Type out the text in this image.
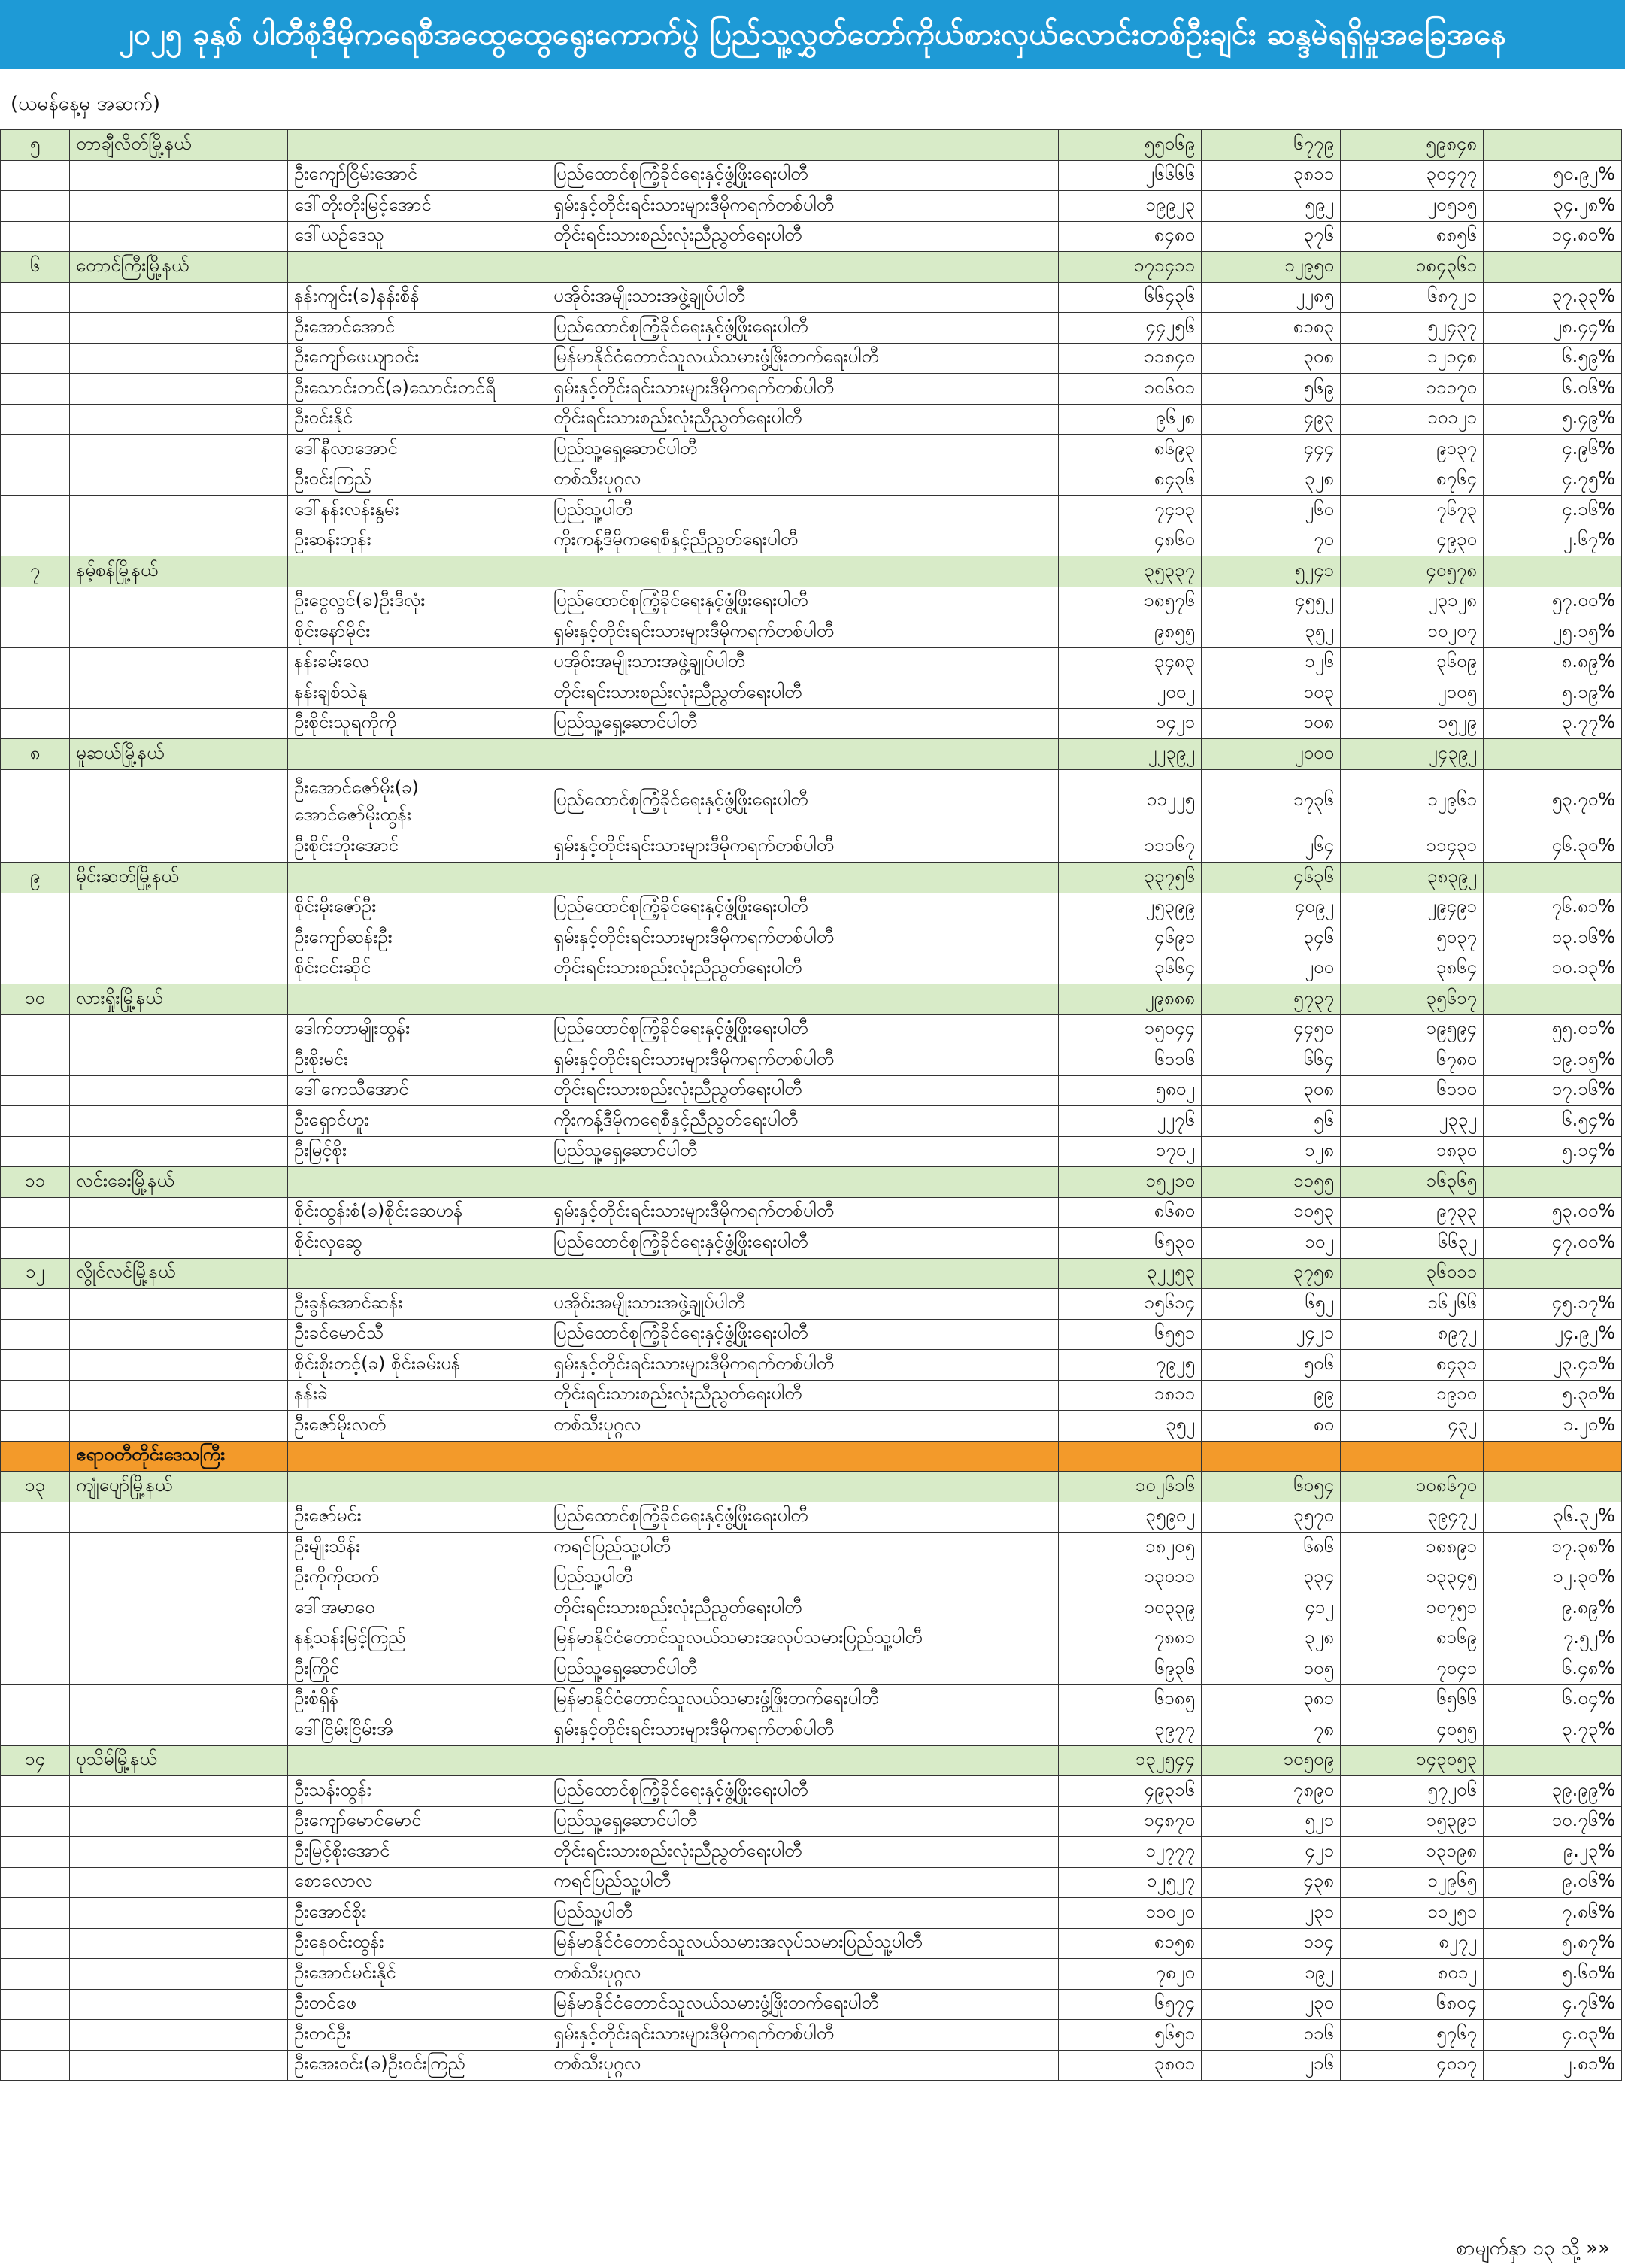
၂၀၂၅ ခုနှစ် ပါတီစုံဒီမိုကရေစီအထွေထွေရွေးကောက်ပွဲ ပြည်သူ့လွှတ်တော်ကိုယ်စားလှယ်လောင်းတစ်ဦးချင်း ဆန္ဒမဲရရှိမှုအခြေအနေ
(ယမန်နေ့မှ အဆက်)
၅	တာချီလိတ်မြို့နယ်			၅၅၀၆၉	၆၇၇၉	၅၉၈၄၈	
		ဦးကျော်ငြိမ်းအောင်	ပြည်ထောင်စုကြံ့ခိုင်ရေးနှင့်ဖွံ့ဖြိုးရေးပါတီ	၂၆၆၆၆	၃၈၁၁	၃၀၄၇၇	၅၀.၉၂%
		ဒေါ်တိုးတိုးမြင့်အောင်	ရှမ်းနှင့်တိုင်းရင်းသားများဒီမိုကရက်တစ်ပါတီ	၁၉၉၂၃	၅၉၂	၂၀၅၁၅	၃၄.၂၈%
		ဒေါ်ယဉ်ဒေသူ	တိုင်းရင်းသားစည်းလုံးညီညွတ်ရေးပါတီ	၈၄၈၀	၃၇၆	၈၈၅၆	၁၄.၈၀%
၆	တောင်ကြီးမြို့နယ်			၁၇၁၄၁၁	၁၂၉၅၀	၁၈၄၃၆၁	
		နန်းကျင်း(ခ)နန်းစိန်	ပအိုဝ်းအမျိုးသားအဖွဲ့ချုပ်ပါတီ	၆၆၄၃၆	၂၂၈၅	၆၈၇၂၁	၃၇.၃၃%
		ဦးအောင်အောင်	ပြည်ထောင်စုကြံ့ခိုင်ရေးနှင့်ဖွံ့ဖြိုးရေးပါတီ	၄၄၂၅၆	၈၁၈၃	၅၂၄၃၇	၂၈.၄၄%
		ဦးကျော်ဖေယျာဝင်း	မြန်မာနိုင်ငံတောင်သူလယ်သမားဖွံ့ဖြိုးတက်ရေးပါတီ	၁၁၈၄၀	၃၀၈	၁၂၁၄၈	၆.၅၉%
		ဦးသောင်းတင်(ခ)သောင်းတင်ရီ	ရှမ်းနှင့်တိုင်းရင်းသားများဒီမိုကရက်တစ်ပါတီ	၁၀၆၀၁	၅၆၉	၁၁၁၇၀	၆.၀၆%
		ဦးဝင်းနိုင်	တိုင်းရင်းသားစည်းလုံးညီညွတ်ရေးပါတီ	၉၆၂၈	၄၉၃	၁၀၁၂၁	၅.၄၉%
		ဒေါ်နီလာအောင်	ပြည်သူ့ရှေ့ဆောင်ပါတီ	၈၆၉၃	၄၄၄	၉၁၃၇	၄.၉၆%
		ဦးဝင်းကြည်	တစ်သီးပုဂ္ဂလ	၈၄၃၆	၃၂၈	၈၇၆၄	၄.၇၅%
		ဒေါ်နန်းလန်းနွမ်း	ပြည်သူ့ပါတီ	၇၄၁၃	၂၆၀	၇၆၇၃	၄.၁၆%
		ဦးဆန်းဘုန်း	ကိုးကန့်ဒီမိုကရေစီနှင့်ညီညွတ်ရေးပါတီ	၄၈၆၀	၇၀	၄၉၃၀	၂.၆၇%
၇	နမ့်စန်မြို့နယ်			၃၅၃၃၇	၅၂၄၁	၄၀၅၇၈	
		ဦးငွေလွင်(ခ)ဦးဒီလုံး	ပြည်ထောင်စုကြံ့ခိုင်ရေးနှင့်ဖွံ့ဖြိုးရေးပါတီ	၁၈၅၇၆	၄၅၅၂	၂၃၁၂၈	၅၇.၀၀%
		စိုင်းနော်မိုင်း	ရှမ်းနှင့်တိုင်းရင်းသားများဒီမိုကရက်တစ်ပါတီ	၉၈၅၅	၃၅၂	၁၀၂၀၇	၂၅.၁၅%
		နန်းခမ်းလေ	ပအိုဝ်းအမျိုးသားအဖွဲ့ချုပ်ပါတီ	၃၄၈၃	၁၂၆	၃၆၀၉	၈.၈၉%
		နန်းချစ်သဲနု	တိုင်းရင်းသားစည်းလုံးညီညွတ်ရေးပါတီ	၂၀၀၂	၁၀၃	၂၁၀၅	၅.၁၉%
		ဦးစိုင်းသူရကိုကို	ပြည်သူ့ရှေ့ဆောင်ပါတီ	၁၄၂၁	၁၀၈	၁၅၂၉	၃.၇၇%
၈	မူဆယ်မြို့နယ်			၂၂၃၉၂	၂၀၀၀	၂၄၃၉၂	
		ဦးအောင်ဇော်မိုး(ခ)
အောင်ဇော်မိုးထွန်း	ပြည်ထောင်စုကြံ့ခိုင်ရေးနှင့်ဖွံ့ဖြိုးရေးပါတီ	၁၁၂၂၅	၁၇၃၆	၁၂၉၆၁	၅၃.၇၀%
		ဦးစိုင်းဘိုးအောင်	ရှမ်းနှင့်တိုင်းရင်းသားများဒီမိုကရက်တစ်ပါတီ	၁၁၁၆၇	၂၆၄	၁၁၄၃၁	၄၆.၃၀%
၉	မိုင်းဆတ်မြို့နယ်			၃၃၇၅၆	၄၆၃၆	၃၈၃၉၂	
		စိုင်းမိုးဇော်ဦး	ပြည်ထောင်စုကြံ့ခိုင်ရေးနှင့်ဖွံ့ဖြိုးရေးပါတီ	၂၅၃၉၉	၄၀၉၂	၂၉၄၉၁	၇၆.၈၁%
		ဦးကျော်ဆန်းဦး	ရှမ်းနှင့်တိုင်းရင်းသားများဒီမိုကရက်တစ်ပါတီ	၄၆၉၁	၃၄၆	၅၀၃၇	၁၃.၁၆%
		စိုင်းငင်းဆိုင်	တိုင်းရင်းသားစည်းလုံးညီညွတ်ရေးပါတီ	၃၆၆၄	၂၀၀	၃၈၆၄	၁၀.၁၃%
၁၀	လားရှိုးမြို့နယ်			၂၉၈၈၈	၅၇၃၇	၃၅၆၁၇	
		ဒေါက်တာမျိုးထွန်း	ပြည်ထောင်စုကြံ့ခိုင်ရေးနှင့်ဖွံ့ဖြိုးရေးပါတီ	၁၅၀၄၄	၄၄၅၀	၁၉၅၉၄	၅၅.၀၁%
		ဦးစိုးမင်း	ရှမ်းနှင့်တိုင်းရင်းသားများဒီမိုကရက်တစ်ပါတီ	၆၁၁၆	၆၆၄	၆၇၈၀	၁၉.၁၅%
		ဒေါ်ကေသီအောင်	တိုင်းရင်းသားစည်းလုံးညီညွတ်ရေးပါတီ	၅၈၀၂	၃၀၈	၆၁၁၀	၁၇.၁၆%
		ဦးရှောင်ဟူး	ကိုးကန့်ဒီမိုကရေစီနှင့်ညီညွတ်ရေးပါတီ	၂၂၇၆	၅၆	၂၃၃၂	၆.၅၄%
		ဦးမြင့်စိုး	ပြည်သူ့ရှေ့ဆောင်ပါတီ	၁၇၀၂	၁၂၈	၁၈၃၀	၅.၁၄%
၁၁	လင်းခေးမြို့နယ်			၁၅၂၁၀	၁၁၅၅	၁၆၃၆၅	
		စိုင်းထွန်းစံ(ခ)စိုင်းဆေဟန်	ရှမ်းနှင့်တိုင်းရင်းသားများဒီမိုကရက်တစ်ပါတီ	၈၆၈၀	၁၀၅၃	၉၇၃၃	၅၃.၀၀%
		စိုင်းလှဆွေ	ပြည်ထောင်စုကြံ့ခိုင်ရေးနှင့်ဖွံ့ဖြိုးရေးပါတီ	၆၅၃၀	၁၀၂	၆၆၃၂	၄၇.၀၀%
၁၂	လွိုင်လင်မြို့နယ်			၃၂၂၅၃	၃၇၅၈	၃၆၀၁၁	
		ဦးခွန်အောင်ဆန်း	ပအိုဝ်းအမျိုးသားအဖွဲ့ချုပ်ပါတီ	၁၅၆၁၄	၆၅၂	၁၆၂၆၆	၄၅.၁၇%
		ဦးခင်မောင်သီ	ပြည်ထောင်စုကြံ့ခိုင်ရေးနှင့်ဖွံ့ဖြိုးရေးပါတီ	၆၅၅၁	၂၄၂၁	၈၉၇၂	၂၄.၉၂%
		စိုင်းစိုးတင့်(ခ) စိုင်းခမ်းပန်	ရှမ်းနှင့်တိုင်းရင်းသားများဒီမိုကရက်တစ်ပါတီ	၇၉၂၅	၅၀၆	၈၄၃၁	၂၃.၄၁%
		နန်းခဲ	တိုင်းရင်းသားစည်းလုံးညီညွတ်ရေးပါတီ	၁၈၁၁	၉၉	၁၉၁၀	၅.၃၀%
		ဦးဇော်မိုးလတ်	တစ်သီးပုဂ္ဂလ	၃၅၂	၈၀	၄၃၂	၁.၂၀%
	ဧရာဝတီတိုင်းဒေသကြီး						
၁၃	ကျုံပျော်မြို့နယ်			၁၀၂၆၁၆	၆၀၅၄	၁၀၈၆၇၀	
		ဦးဇော်မင်း	ပြည်ထောင်စုကြံ့ခိုင်ရေးနှင့်ဖွံ့ဖြိုးရေးပါတီ	၃၅၉၀၂	၃၅၇၀	၃၉၄၇၂	၃၆.၃၂%
		ဦးမျိုးသိန်း	ကရင်ပြည်သူ့ပါတီ	၁၈၂၀၅	၆၈၆	၁၈၈၉၁	၁၇.၃၈%
		ဦးကိုကိုထက်	ပြည်သူ့ပါတီ	၁၃၀၁၁	၃၃၄	၁၃၃၄၅	၁၂.၃၀%
		ဒေါ်အမာဝေ	တိုင်းရင်းသားစည်းလုံးညီညွတ်ရေးပါတီ	၁၀၃၃၉	၄၁၂	၁၀၇၅၁	၉.၈၉%
		နန့်သန်းမြင့်ကြည်	မြန်မာနိုင်ငံတောင်သူလယ်သမားအလုပ်သမားပြည်သူ့ပါတီ	၇၈၈၁	၃၂၈	၈၁၆၉	၇.၅၂%
		ဦးကြိုင်	ပြည်သူ့ရှေ့ဆောင်ပါတီ	၆၉၃၆	၁၀၅	၇၀၄၁	၆.၄၈%
		ဦးစံရှိန်	မြန်မာနိုင်ငံတောင်သူလယ်သမားဖွံ့ဖြိုးတက်ရေးပါတီ	၆၁၈၅	၃၈၁	၆၅၆၆	၆.၀၄%
		ဒေါ်ငြိမ်းငြိမ်းအိ	ရှမ်းနှင့်တိုင်းရင်းသားများဒီမိုကရက်တစ်ပါတီ	၃၉၇၇	၇၈	၄၀၅၅	၃.၇၃%
၁၄	ပုသိမ်မြို့နယ်			၁၃၂၅၄၄	၁၀၅၀၉	၁၄၃၀၅၃	
		ဦးသန်းထွန်း	ပြည်ထောင်စုကြံ့ခိုင်ရေးနှင့်ဖွံ့ဖြိုးရေးပါတီ	၄၉၃၁၆	၇၈၉၀	၅၇၂၀၆	၃၉.၉၉%
		ဦးကျော်မောင်မောင်	ပြည်သူ့ရှေ့ဆောင်ပါတီ	၁၄၈၇၀	၅၂၁	၁၅၃၉၁	၁၀.၇၆%
		ဦးမြင့်စိုးအောင်	တိုင်းရင်းသားစည်းလုံးညီညွတ်ရေးပါတီ	၁၂၇၇၇	၄၂၁	၁၃၁၉၈	၉.၂၃%
		စောလောလ	ကရင်ပြည်သူ့ပါတီ	၁၂၅၂၇	၄၃၈	၁၂၉၆၅	၉.၀၆%
		ဦးအောင်စိုး	ပြည်သူ့ပါတီ	၁၁၀၂၀	၂၃၁	၁၁၂၅၁	၇.၈၆%
		ဦးနေဝင်းထွန်း	မြန်မာနိုင်ငံတောင်သူလယ်သမားအလုပ်သမားပြည်သူ့ပါတီ	၈၁၅၈	၁၁၄	၈၂၇၂	၅.၈၇%
		ဦးအောင်မင်းနိုင်	တစ်သီးပုဂ္ဂလ	၇၈၂၀	၁၉၂	၈၀၁၂	၅.၆၀%
		ဦးတင်ဖေ	မြန်မာနိုင်ငံတောင်သူလယ်သမားဖွံ့ဖြိုးတက်ရေးပါတီ	၆၅၇၄	၂၃၀	၆၈၀၄	၄.၇၆%
		ဦးတင်ဦး	ရှမ်းနှင့်တိုင်းရင်းသားများဒီမိုကရက်တစ်ပါတီ	၅၆၅၁	၁၁၆	၅၇၆၇	၄.၀၃%
		ဦးအေးဝင်း(ခ)ဦးဝင်းကြည်	တစ်သီးပုဂ္ဂလ	၃၈၀၁	၂၁၆	၄၀၁၇	၂.၈၁%
စာမျက်နှာ ၁၃ သို့ »»
